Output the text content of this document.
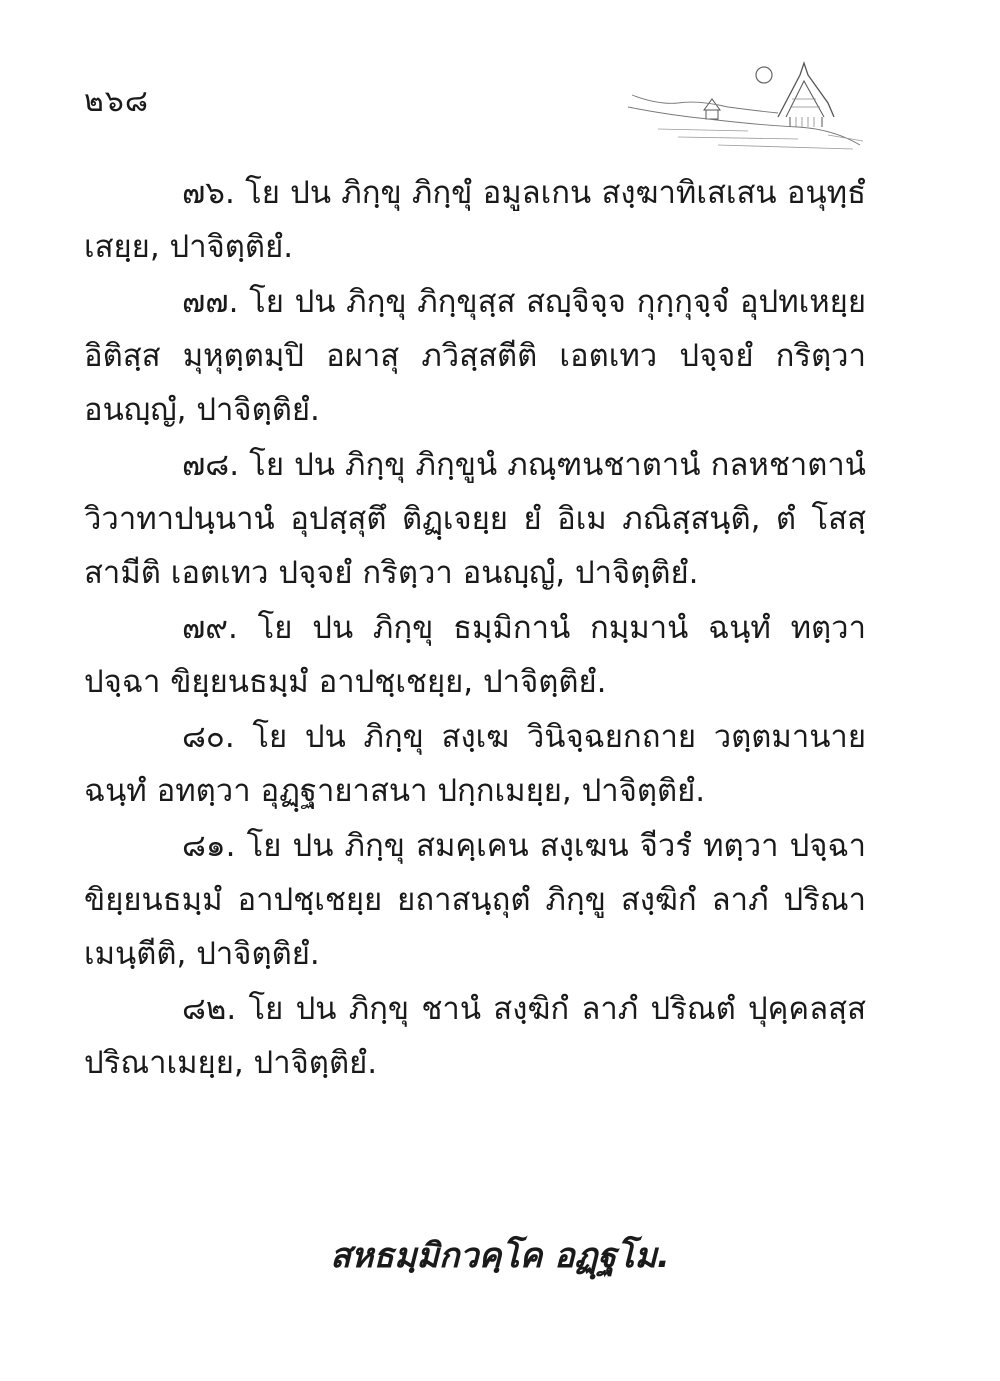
๒๖๘

๗๖. โย ปน ภิกฺขุ ภิกฺขุํ อมูลเกน สงฺฆาทิเสเสน อนุทฺธํเสยฺย, ปาจิตฺติยํ.

๗๗. โย ปน ภิกฺขุ ภิกฺขุสฺส สญฺจิจฺจ กุกฺกุจฺจํ อุปทเหยฺย อิติสฺส มุหุตฺตมฺปิ อผาสุ ภวิสฺสตีติ เอตเทว ปจฺจยํ กริตฺวา อนญฺญํ, ปาจิตฺติยํ.

๗๘. โย ปน ภิกฺขุ ภิกฺขูนํ ภณฺฑนชาตานํ กลหชาตานํ วิวาทาปนฺนานํ อุปสฺสุตึ ติฏฺเจยฺย ยํ อิเม ภณิสฺสนฺติ, ตํ โสสฺสามีติ เอตเทว ปจฺจยํ กริตฺวา อนญฺญํ, ปาจิตฺติยํ.

๗๙. โย ปน ภิกฺขุ ธมฺมิกานํ กมฺมานํ ฉนฺทํ ทตฺวา ปจฺฉา ขิยฺยนธมฺมํ อาปชฺเชยฺย, ปาจิตฺติยํ.

๘๐. โย ปน ภิกฺขุ สงฺเฆ วินิจฺฉยกถาย วตฺตมานาย ฉนฺทํ อทตฺวา อุฏฺฐายาสนา ปกฺกเมยฺย, ปาจิตฺติยํ.

๘๑. โย ปน ภิกฺขุ สมคฺเคน สงฺเฆน จีวรํ ทตฺวา ปจฺฉา ขิยฺยนธมฺมํ อาปชฺเชยฺย ยถาสนฺถุตํ ภิกฺขู สงฺฆิกํ ลาภํ ปริณาเมนฺตีติ, ปาจิตฺติยํ.

๘๒. โย ปน ภิกฺขุ ชานํ สงฺฆิกํ ลาภํ ปริณตํ ปุคฺคลสฺส ปริณาเมยฺย, ปาจิตฺติยํ.

สหธมฺมิกวคฺโค อฏฺฐโม.
